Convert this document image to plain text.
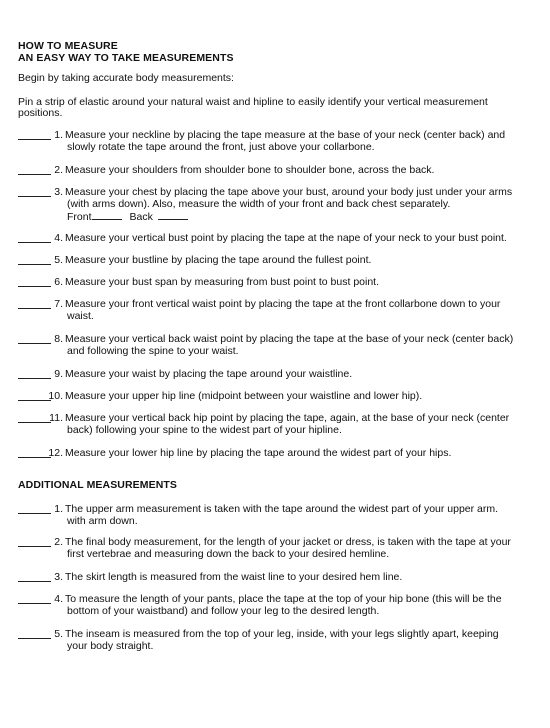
HOW TO MEASURE
AN EASY WAY TO TAKE MEASUREMENTS
Begin by taking accurate body measurements:
Pin a strip of elastic around your natural waist and hipline to easily identify your vertical measurement
positions.
1. Measure your neckline by placing the tape measure at the base of your neck (center back) and
slowly rotate the tape around the front, just above your collarbone.
2. Measure your shoulders from shoulder bone to shoulder bone, across the back.
3. Measure your chest by placing the tape above your bust, around your body just under your arms
(with arms down). Also, measure the width of your front and back chest separately.
Front	Back
4. Measure your vertical bust point by placing the tape at the nape of your neck to your bust point.
5. Measure your bustline by placing the tape around the fullest point.
6. Measure your bust span by measuring from bust point to bust point.
7. Measure your front vertical waist point by placing the tape at the front collarbone down to your
waist.
8. Measure your vertical back waist point by placing the tape at the base of your neck (center back)
and following the spine to your waist.
9. Measure your waist by placing the tape around your waistline.
10. Measure your upper hip line (midpoint between your waistline and lower hip).
11. Measure your vertical back hip point by placing the tape, again, at the base of your neck (center
back) following your spine to the widest part of your hipline.
12. Measure your lower hip line by placing the tape around the widest part of your hips.
ADDITIONAL MEASUREMENTS
1. The upper arm measurement is taken with the tape around the widest part of your upper arm.
with arm down.
2. The final body measurement, for the length of your jacket or dress, is taken with the tape at your
first vertebrae and measuring down the back to your desired hemline.
3. The skirt length is measured from the waist line to your desired hem line.
4. To measure the length of your pants, place the tape at the top of your hip bone (this will be the
bottom of your waistband) and follow your leg to the desired length.
5. The inseam is measured from the top of your leg, inside, with your legs slightly apart, keeping
your body straight.
